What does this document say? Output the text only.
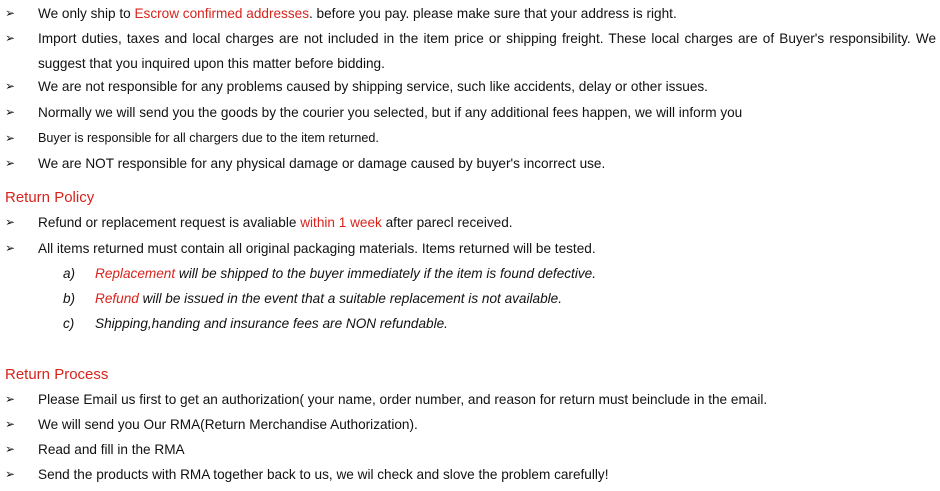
➢ We only ship to Escrow confirmed addresses. before you pay. please make sure that your address is right.
➢ Import duties, taxes and local charges are not included in the item price or shipping freight. These local charges are of Buyer's responsibility. We suggest that you inquired upon this matter before bidding.
➢ We are not responsible for any problems caused by shipping service, such like accidents, delay or other issues.
➢ Normally we will send you the goods by the courier you selected, but if any additional fees happen, we will inform you
➢ Buyer is responsible for all chargers due to the item returned.
➢ We are NOT responsible for any physical damage or damage caused by buyer's incorrect use.
Return Policy
➢ Refund or replacement request is avaliable within 1 week after parecl received.
➢ All items returned must contain all original packaging materials. Items returned will be tested.
a) Replacement will be shipped to the buyer immediately if the item is found defective.
b) Refund will be issued in the event that a suitable replacement is not available.
c) Shipping,handing and insurance fees are NON refundable.
Return Process
➢ Please Email us first to get an authorization( your name, order number, and reason for return must beinclude in the email.
➢ We will send you Our RMA(Return Merchandise Authorization).
➢ Read and fill in the RMA
➢ Send the products with RMA together back to us, we wil check and slove the problem carefully!
